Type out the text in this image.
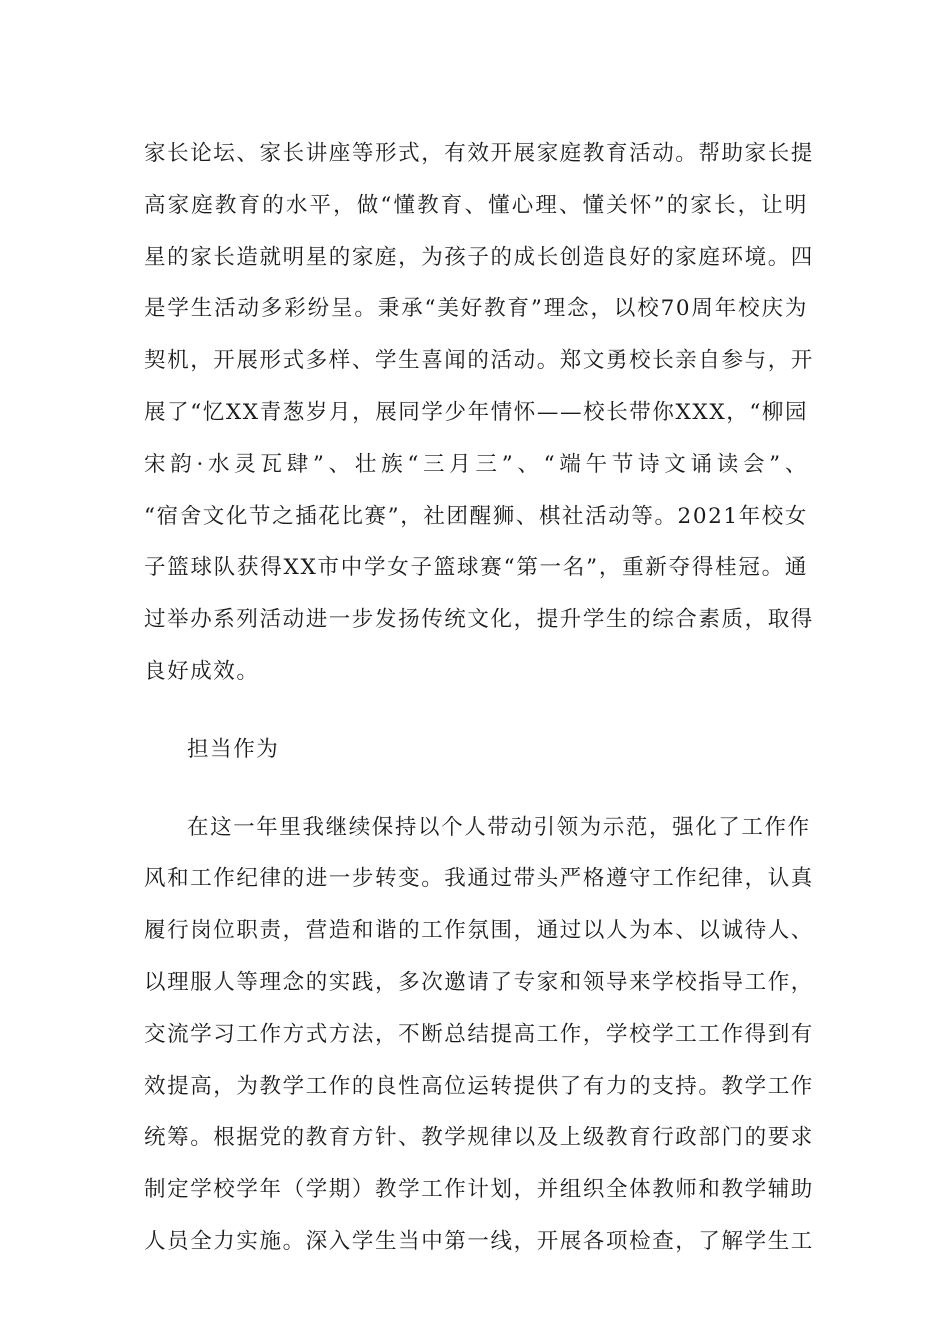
家长论坛、家长讲座等形式，有效开展家庭教育活动。帮助家长提
高家庭教育的水平，做“懂教育、懂心理、懂关怀”的家长，让明
星的家长造就明星的家庭，为孩子的成长创造良好的家庭环境。四
是学生活动多彩纷呈。秉承“美好教育”理念，以校70周年校庆为
契机，开展形式多样、学生喜闻的活动。郑文勇校长亲自参与，开
展了“忆XX青葱岁月，展同学少年情怀——校长带你XXX，“柳园
宋韵·水灵瓦肆”、壮族“三月三”、“端午节诗文诵读会”、
“宿舍文化节之插花比赛”，社团醒狮、棋社活动等。2021年校女
子篮球队获得XX市中学女子篮球赛“第一名”，重新夺得桂冠。通
过举办系列活动进一步发扬传统文化，提升学生的综合素质，取得
良好成效。
担当作为
在这一年里我继续保持以个人带动引领为示范，强化了工作作
风和工作纪律的进一步转变。我通过带头严格遵守工作纪律，认真
履行岗位职责，营造和谐的工作氛围，通过以人为本、以诚待人、
以理服人等理念的实践，多次邀请了专家和领导来学校指导工作，
交流学习工作方式方法，不断总结提高工作，学校学工工作得到有
效提高，为教学工作的良性高位运转提供了有力的支持。教学工作
统筹。根据党的教育方针、教学规律以及上级教育行政部门的要求
制定学校学年（学期）教学工作计划，并组织全体教师和教学辅助
人员全力实施。深入学生当中第一线，开展各项检查，了解学生工
